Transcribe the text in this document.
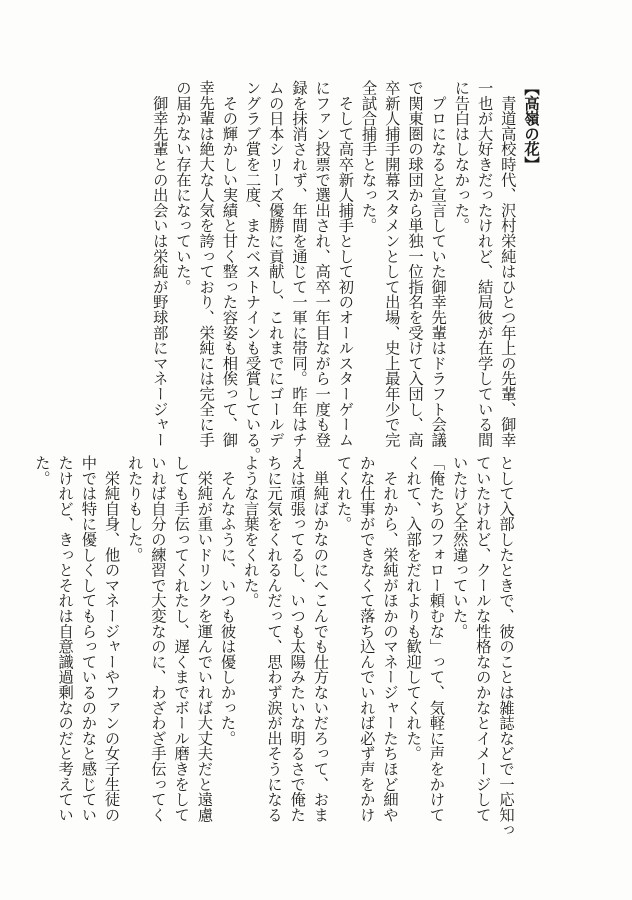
【高嶺の花】

　青道高校時代、沢村栄純はひとつ年上の先輩、御幸

一也が大好きだったけれど、結局彼が在学している間

に告白はしなかった。

　プロになると宣言していた御幸先輩はドラフト会議

で関東圏の球団から単独一位指名を受けて入団し、高

卒新人捕手開幕スタメンとして出場、史上最年少で完

全試合捕手となった。

　そして高卒新人捕手として初のオールスターゲーム

にファン投票で選出され、高卒一年目ながら一度も登

録を抹消されず、年間を通じて一軍に帯同。昨年はチー

ムの日本シリーズ優勝に貢献し、これまでにゴールデ

ングラブ賞を二度、またベストナインも受賞している。

　その輝かしい実績と甘く整った容姿も相俟って、御

幸先輩は絶大な人気を誇っており、栄純には完全に手

の届かない存在になっていた。

　御幸先輩との出会いは栄純が野球部にマネージャー

として入部したときで、彼のことは雑誌などで一応知っ

ていたけれど、クールな性格なのかなとイメージして

いたけど全然違っていた。

「俺たちのフォロー頼むな」って、気軽に声をかけて

くれて、入部をだれよりも歓迎してくれた。

　それから、栄純がほかのマネージャーたちほど細や

かな仕事ができなくて落ち込んでいれば必ず声をかけ

てくれた。

　単純ばかなのにへこんでも仕方ないだろって、おま

えは頑張ってるし、いつも太陽みたいな明るさで俺た

ちに元気をくれるんだって、思わず涙が出そうになる

ような言葉をくれた。

　そんなふうに、いつも彼は優しかった。

　栄純が重いドリンクを運んでいれば大丈夫だと遠慮

しても手伝ってくれたし、遅くまでボール磨きをして

いれば自分の練習で大変なのに、わざわざ手伝ってく

れたりもした。

　栄純自身、他のマネージャーやファンの女子生徒の

中では特に優しくしてもらっているのかなと感じてい

たけれど、きっとそれは自意識過剰なのだと考えてい

た。
